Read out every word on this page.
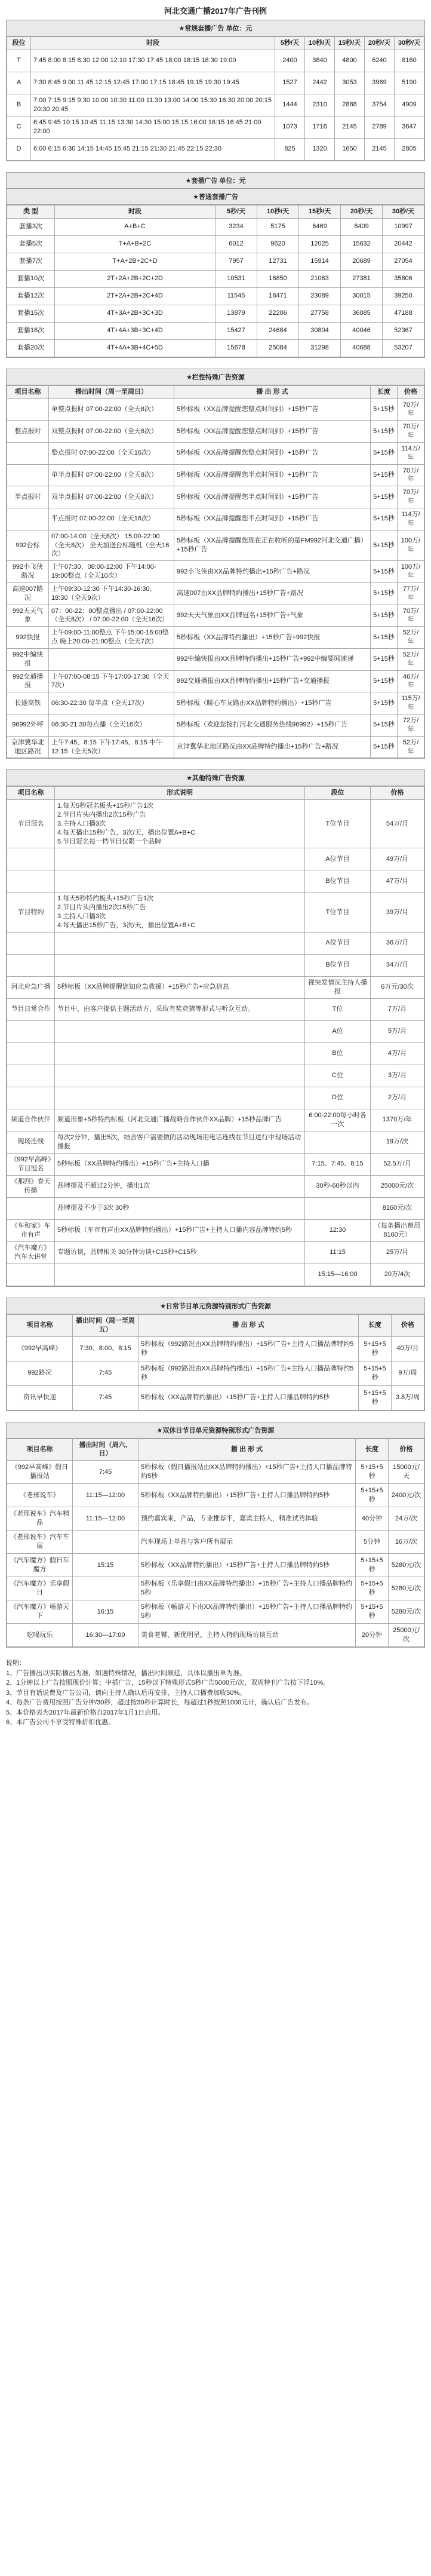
河北交通广播2017年广告刊例
★常规套播广告 单位：元
段位	时段	5秒/天	10秒/天	15秒/天	20秒/天	30秒/天
T	7:45 8:00 8:15 8:30 12:00 12:10 17:30 17:45 18:00 18:15 18:30 19:00	2400	3840	4800	6240	8160
A	7:30 8:45 9:00 11:45 12:15 12:45 17:00 17:15 18:45 19:15 19:30 19:45	1527	2442	3053	3969	5190
B	7:00 7:15 9:15 9:30 10:00 10:30 11:00 11:30 13:00 14:00 15:30 16:30 20:00 20:15 20:30 20:45	1444	2310	2888	3754	4909
C	6:45 9:45 10:15 10:45 11:15 13:30 14:30 15:00 15:15 16:00 16:15 16:45 21:00 22:00	1073	1716	2145	2789	3647
D	6:00 6:15 6:30 14:15 14:45 15:45 21:15 21:30 21:45 22:15 22:30	825	1320	1650	2145	2805
★套播广告 单位：元
★普通套播广告
类 型	时段	5秒/天	10秒/天	15秒/天	20秒/天	30秒/天
套播3次	A+B+C	3234	5175	6469	8409	10997
套播5次	T+A+B+2C	6012	9620	12025	15632	20442
套播7次	T+A+2B+2C+D	7957	12731	15914	20689	27054
套播10次	2T+2A+2B+2C+2D	10531	16850	21063	27381	35806
套播12次	2T+2A+2B+2C+4D	11545	18471	23089	30015	39250
套播15次	4T+3A+2B+3C+3D	13879	22206	27758	36085	47188
套播18次	4T+4A+3B+3C+4D	15427	24684	30804	40046	52367
套播20次	4T+4A+3B+4C+5D	15678	25084	31298	40688	53207
★栏性特殊广告资源
项目名称	播出时间（周一至周日）	播 出 形 式	长度	价格
	单整点报时 07:00-22:00（全天8次）	5秒标板（XX品牌提醒您整点时间到）+15秒广告	5+15秒	70万/年
整点报时	双整点报时 07:00-22:00（全天8次）	5秒标板（XX品牌提醒您整点时间到）+15秒广告	5+15秒	70万/年
	整点报时 07:00-22:00（全天16次）	5秒标板（XX品牌提醒您整点时间到）+15秒广告	5+15秒	114万/年
	单半点报时 07:00-22:00（全天8次）	5秒标板（XX品牌提醒您半点时间到）+15秒广告	5+15秒	70万/年
半点报时	双半点报时 07:00-22:00（全天8次）	5秒标板（XX品牌提醒您半点时间到）+15秒广告	5+15秒	70万/年
	半点报时 07:00-22:00（全天16次）	5秒标板（XX品牌提醒您半点时间到）+15秒广告	5+15秒	114万/年
992台标	07:00-14:00（全天8次） 15:00-22:00（全天8次） 全天加送台标随机（全天16次）	5秒标板（XX品牌提醒您现在正在收听的是FM992河北交通广播）+15秒广告	5+15秒	100万/年
992小飞侠路况	上午07:30、08:00-12:00 下午14:00-19:00整点（全天10次）	992小飞侠由XX品牌特约播出+15秒广告+路况	5+15秒	100万/年
高速007路况	上午09:30-12:30 下午14:30-16:30、18:30（全天9次）	高速007由XX品牌特约播出+15秒广告+路况	5+15秒	77万/年
992天天气象	07：00-22：00整点播出 / 07:00-22:00（全天8次） / 07:00-22:00（全天16次）	992天天气象由XX品牌冠名+15秒广告+气象	5+15秒	70万/年
992快报	上午09:00-11:00整点 下午15:00-16:00整点 晚上20:00-21:00整点（全天7次）	5秒标板（XX品牌特约播出）+15秒广告+992快报	5+15秒	52万/年
992中编快报		992中编快报由XX品牌特约播出+15秒广告+992中编要闻速递	5+15秒	52万/年
992交通播报	上午07:00-08:15 下午17:00-17:30（全天7次）	992交通播报由XX品牌特约播出+15秒广告+交通播报	5+15秒	46万/年
长途高铁	06:30-22:30 每半点（全天17次）	5秒标板（暖心车友路由XX品牌特约播出）+15秒广告	5+15秒	115万/年
96992外呼	06:30-21:30每点播（全天16次）	5秒标板（欢迎您拨打河北交通服务热线96992）+15秒广告	5+15秒	72万/年
京津冀华北地区路况	上午7:45、8:15 下午17:45、8:15 中午12:15（全天5次）	京津冀华北地区路况由XX品牌特约播出+15秒广告+路况	5+15秒	52万/年
★其他特殊广告资源
项目名称	形式说明	段位	价格
节目冠名	1.每天5秒冠名板头+15秒广告1次
2.节目片头内播出2次15秒广告
3.主持人口播3次
4.每天播出15秒广告，3次/天，播出位置A+B+C
5.节目冠名每一档节目仅限一个品牌	T位节目	54万/月
		A位节目	49万/月
		B位节目	47万/月
节目特约	1.每天5秒特约板头+15秒广告1次
2.节目片头内播出2次15秒广告
3.主持人口播3次
4.每天播出15秒广告，3次/天，播出位置A+B+C	T位节目	39万/月
		A位节目	36万/月
		B位节目	34万/月
河北应急广播	5秒标板（XX品牌提醒您知应急救援）+15秒广告+应急信息	视突发情况主持人播报	6万元/30次
节目日常合作	节目中，由客户提供主题活动方，采取有奖竞猜等形式与听众互动。	T位	7万/月
		A位	5万/月
		B位	4万/月
		C位	3万/月
		D位	2万/月
频道合作伙伴	频道形象+5秒特约标板（河北交通广播战略合作伙伴XX品牌）+15秒品牌广告	6:00-22:00每小时各一次	1370万/年
现场连线	每次2分钟，播出5次，结合客户需要做的活动现场用电话连线在节目进行中现场活动播报		19万/次
《992早高峰》节目冠名	5秒标板（XX品牌特约播出）+15秒广告+主持人口播	7:15、7:45、8:15	52.5万/月
《那四》春天传播	品牌提及不超过2分钟，播出1次	30秒-60秒以内	25000元/次
	品牌提及不少于3次 30秒		8160元/次
《车和家》车市有声	5秒标板（车市有声由XX品牌特约播出）+15秒广告+主持人口播内容品牌特约5秒	12:30	（每条播出费用8160元）
《汽车魔方》汽车大讲堂	专题访谈，品牌相关 30分钟访谈+C15秒+C15秒	11:15	25万/月
		15:15—16:00	20万/4次
★日常节目单元资源特别形式广告资源
项目名称	播出时间（周一至周五）	播 出 形 式	长度	价格
《992早高峰》	7:30、8:00、8:15	5秒标板（992路况由XX品牌特约播出）+15秒广告+主持人口播品牌特约5秒	5+15+5秒	40万/月
992路况	7:45	5秒标板（992路况由XX品牌特约播出）+15秒广告+主持人口播品牌特约5秒	5+15+5秒	9万/周
资讯早快递	7:45	5秒标板（XX品牌特约播出）+15秒广告+主持人口播品牌特约5秒	5+15+5秒	3.8万/周
★双休日节目单元资源特别形式广告资源
项目名称	播出时间（周六、日）	播 出 形 式	长度	价格
《992早高峰》假日播报站	7:45	5秒标板（假日播报站由XX品牌特约播出）+15秒广告+主持人口播品牌特约5秒	5+15+5秒	15000元/天
《老邢说车》	11:15—12:00	5秒标板（XX品牌特约播出）+15秒广告+主持人口播品牌特约5秒	5+15+5秒	2400元/次
《老邢说车》汽车精品	11:15—12:00	预约嘉宾来，产品，专业推荐半，嘉宾主持人，精准试驾体验	40分钟	24万/次
《老邢说车》汽车车展		汽车现场上单品与客户所有展示	5分钟	16万/次
《汽车魔方》假日车魔方	15:15	5秒标板（XX品牌特约播出）+15秒广告+主持人口播品牌特约5秒	5+15+5秒	5280元/次
《汽车魔方》乐享假日		5秒标板（乐享假日由XX品牌特约播出）+15秒广告+主持人口播品牌特约5秒	5+15+5秒	5280元/次
《汽车魔方》畅游天下	16:15	5秒标板（畅游天下由XX品牌特约播出）+15秒广告+主持人口播品牌特约5秒	5+15+5秒	5280元/次
吃喝玩乐	16:30—17:00	美食老饕、新优明星，主持人特约现场访谈互动	20分钟	25000元/次
说明：
1、广告播出以实际播出为准，如遇特殊情况，播出时间顺延，具体以播出单为准。
2、1分钟以上广告按照现价计算；中插广告，15秒以下特殊形式5秒广告5000元/次，双周特刊广告按下浮10%。
3、节目有话说费及广告公司，请向主持人确认后再安排，主持人口播费加收50%。
4、每条广告费用按照广告分钟/30秒，超过按30秒计算时长，每超过1秒按照1000元计，确认后广告发布。
5、本价格表为2017年最新价格自2017年1月1日启用。
6、本广告公司不享受特殊折扣优惠。
